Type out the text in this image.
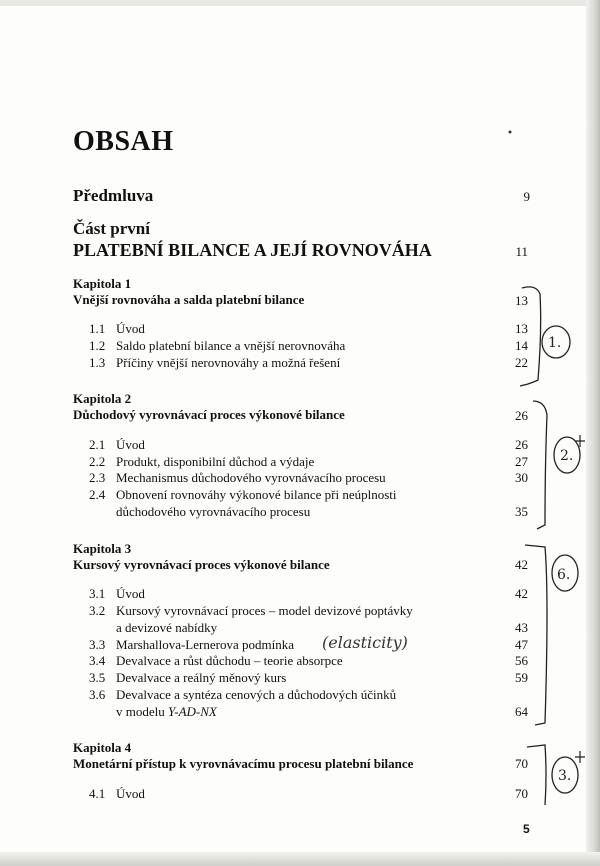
OBSAH
Předmluva	9
Část první
PLATEBNÍ BILANCE A JEJÍ ROVNOVÁHA	11
Kapitola 1
Vnější rovnováha a salda platební bilance	13
1.1 Úvod	13
1.2 Saldo platební bilance a vnější nerovnováha	14
1.3 Příčiny vnější nerovnováhy a možná řešení	22
Kapitola 2
Důchodový vyrovnávací proces výkonové bilance	26
2.1 Úvod	26
2.2 Produkt, disponibilní důchod a výdaje	27
2.3 Mechanismus důchodového vyrovnávacího procesu	30
2.4 Obnovení rovnováhy výkonové bilance při neúplnosti
důchodového vyrovnávacího procesu	35
Kapitola 3
Kursový vyrovnávací proces výkonové bilance	42
3.1 Úvod	42
3.2 Kursový vyrovnávací proces – model devizové poptávky
a devizové nabídky	43
3.3 Marshallova-Lernerova podmínka	47
3.4 Devalvace a růst důchodu – teorie absorpce	56
3.5 Devalvace a reálný měnový kurs	59
3.6 Devalvace a syntéza cenových a důchodových účinků
v modelu Y-AD-NX	64
Kapitola 4
Monetární přístup k vyrovnávacímu procesu platební bilance	70
4.1 Úvod	70
5
1.
2.
6.
3.
(elasticity)
